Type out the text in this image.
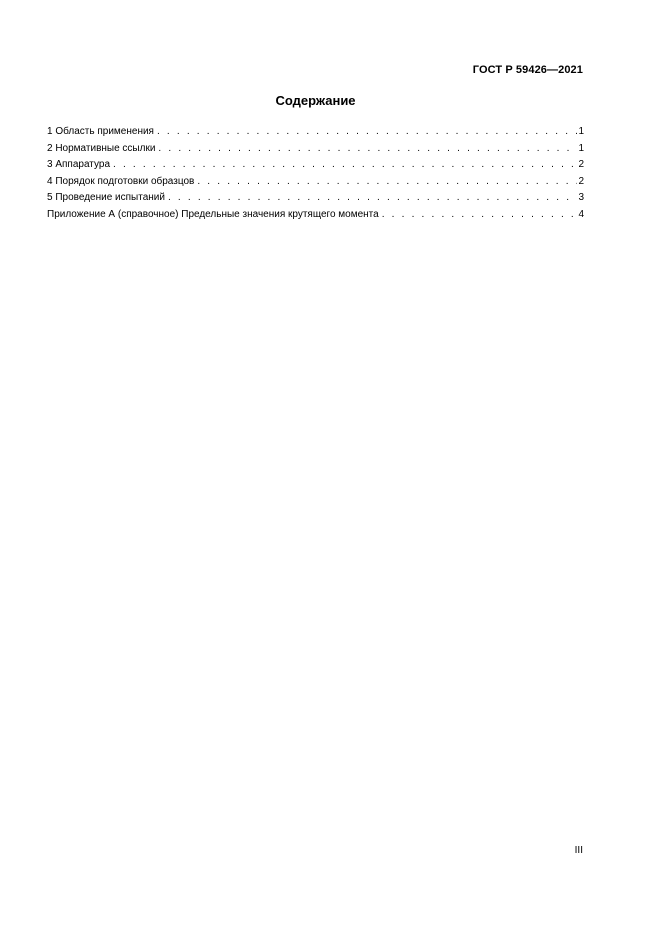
ГОСТ Р 59426—2021
Содержание
1 Область применения . . .	1
2 Нормативные ссылки . . .	1
3 Аппаратура . . .	2
4 Порядок подготовки образцов . . .	2
5 Проведение испытаний . . .	3
Приложение А (справочное) Предельные значения крутящего момента . . .	4
III
